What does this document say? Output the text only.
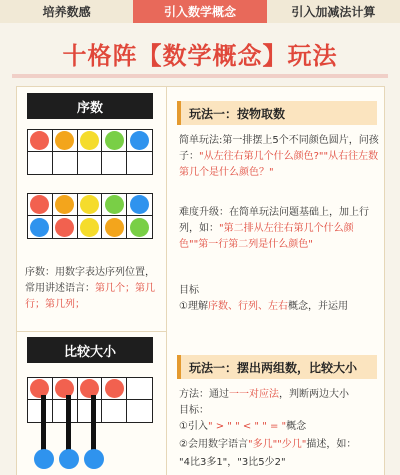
培养数感	引入数学概念	引入加减法计算
十格阵【数学概念】玩法
序数
序数：用数字表达序列位置，常用讲述语言：第几个；第几行；第几列；
比较大小
玩法一：按物取数
简单玩法:第一排摆上5个不同颜色圆片，问孩子："从左往右第几个什么颜色?""从右往左数第几个是什么颜色？"
难度升级：在简单玩法问题基础上，加上行列，如："第二排从左往右第几个什么颜色""第一行第二列是什么颜色"
目标
①理解序数、行列、左右概念，并运用
玩法一：摆出两组数，比较大小
方法：通过一一对应法，判断两边大小
目标：
①引入" > " " < " " = "概念
②会用数字语言"多几""少几"描述，如：
"4比3多1"，"3比5少2"
